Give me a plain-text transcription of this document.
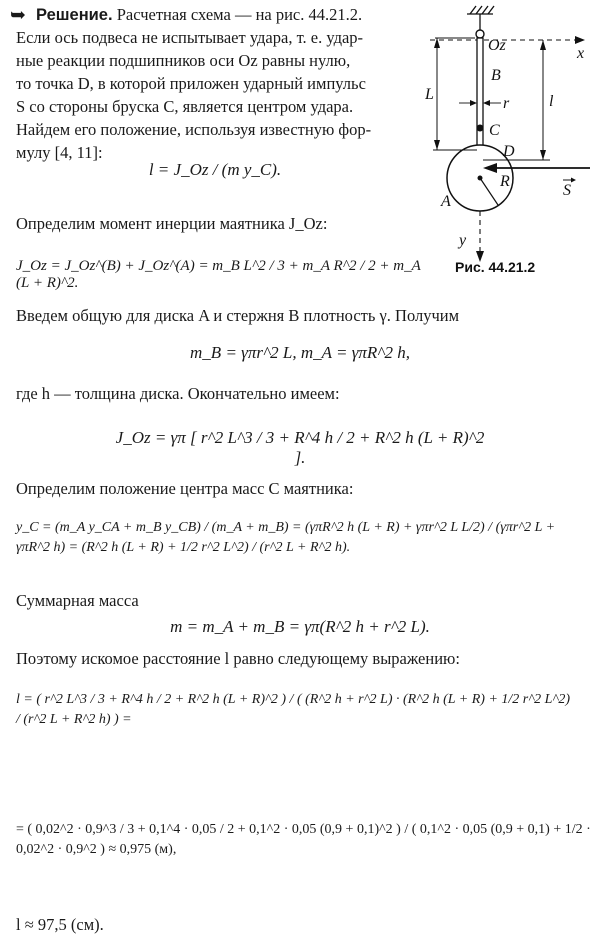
Oz	x
B
L
r l
C
D
R
S
A
y
Рис. 44.21.2
➥ Решение. Расчетная схема — на рис. 44.21.2.
Если ось подвеса не испытывает удара, т. е. удар-
ные реакции подшипников оси Oz равны нулю,
то точка D, в которой приложен ударный импульс
S со стороны бруска C, является центром удара.
Найдем его положение, используя известную фор-
мулу [4, 11]:
l = J_Oz / (m y_C).
Определим момент инерции маятника J_Oz:
J_Oz = J_Oz^(B) + J_Oz^(A) = m_B L^2 / 3 + m_A R^2 / 2 + m_A (L + R)^2.
Введем общую для диска A и стержня B плотность γ. Получим
m_B = γπr^2 L, m_A = γπR^2 h,
где h — толщина диска. Окончательно имеем:
J_Oz = γπ [ r^2 L^3 / 3 + R^4 h / 2 + R^2 h (L + R)^2 ].
Определим положение центра масс C маятника:
y_C = (m_A y_CA + m_B y_CB) / (m_A + m_B) = (γπR^2 h (L + R) + γπr^2 L L/2) / (γπr^2 L + γπR^2 h) = (R^2 h (L + R) + 1/2 r^2 L^2) / (r^2 L + R^2 h).
Суммарная масса
m = m_A + m_B = γπ(R^2 h + r^2 L).
Поэтому искомое расстояние l равно следующему выражению:
l = ( r^2 L^3 / 3 + R^4 h / 2 + R^2 h (L + R)^2 ) / ( (R^2 h + r^2 L) · (R^2 h (L + R) + 1/2 r^2 L^2) / (r^2 L + R^2 h) ) =
= ( 0,02^2 · 0,9^3 / 3 + 0,1^4 · 0,05 / 2 + 0,1^2 · 0,05 (0,9 + 0,1)^2 ) / ( 0,1^2 · 0,05 (0,9 + 0,1) + 1/2 · 0,02^2 · 0,9^2 ) ≈ 0,975 (м),
l ≈ 97,5 (см).
